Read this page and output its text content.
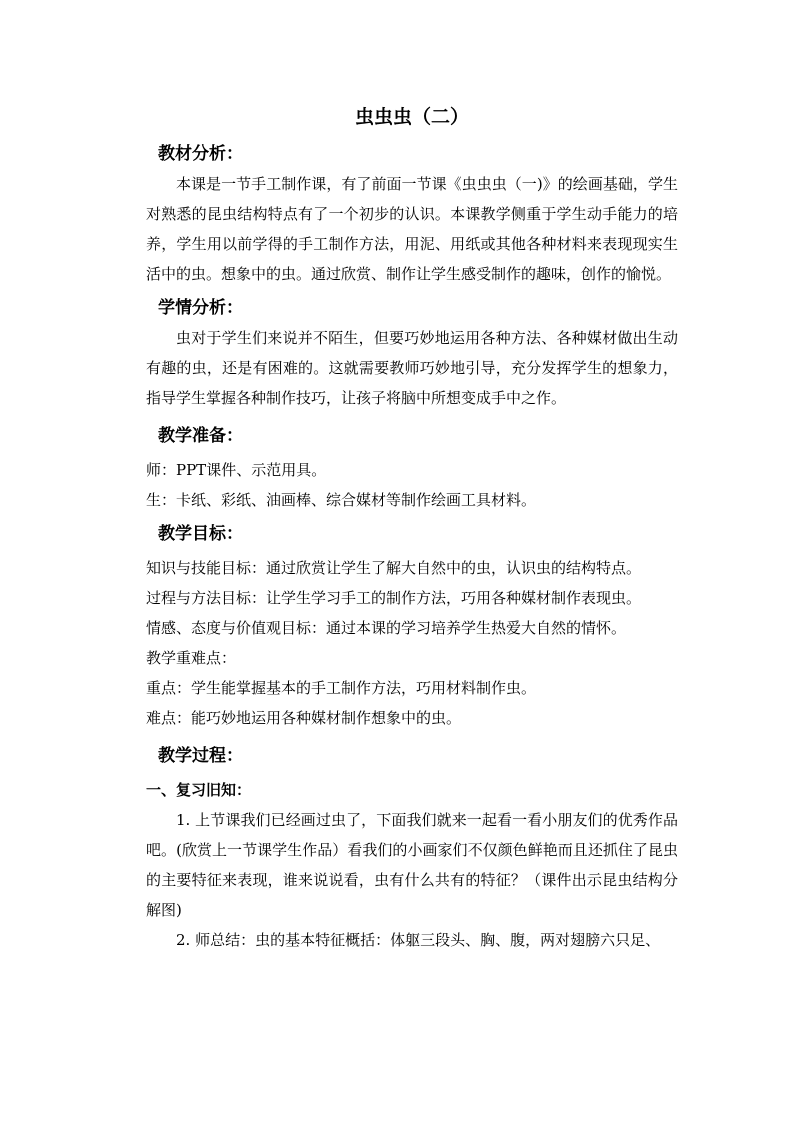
虫虫虫（二）
教材分析：

本课是一节手工制作课，有了前面一节课《虫虫虫（一)》的绘画基础，学生对熟悉的昆虫结构特点有了一个初步的认识。本课教学侧重于学生动手能力的培养，学生用以前学得的手工制作方法，用泥、用纸或其他各种材料来表现现实生活中的虫。想象中的虫。通过欣赏、制作让学生感受制作的趣味，创作的愉悦。

学情分析：

虫对于学生们来说并不陌生，但要巧妙地运用各种方法、各种媒材做出生动有趣的虫，还是有困难的。这就需要教师巧妙地引导，充分发挥学生的想象力，指导学生掌握各种制作技巧，让孩子将脑中所想变成手中之作。

教学准备：

师：PPT课件、示范用具。

生：卡纸、彩纸、油画棒、综合媒材等制作绘画工具材料。

教学目标：

知识与技能目标：通过欣赏让学生了解大自然中的虫，认识虫的结构特点。

过程与方法目标：让学生学习手工的制作方法，巧用各种媒材制作表现虫。

情感、态度与价值观目标：通过本课的学习培养学生热爱大自然的情怀。

教学重难点：

重点：学生能掌握基本的手工制作方法，巧用材料制作虫。

难点：能巧妙地运用各种媒材制作想象中的虫。

教学过程：

一、复习旧知：

1. 上节课我们已经画过虫了，下面我们就来一起看一看小朋友们的优秀作品吧。(欣赏上一节课学生作品）看我们的小画家们不仅颜色鲜艳而且还抓住了昆虫的主要特征来表现，谁来说说看，虫有什么共有的特征？（课件出示昆虫结构分解图)

2. 师总结：虫的基本特征概括：体躯三段头、胸、腹，两对翅膀六只足、
